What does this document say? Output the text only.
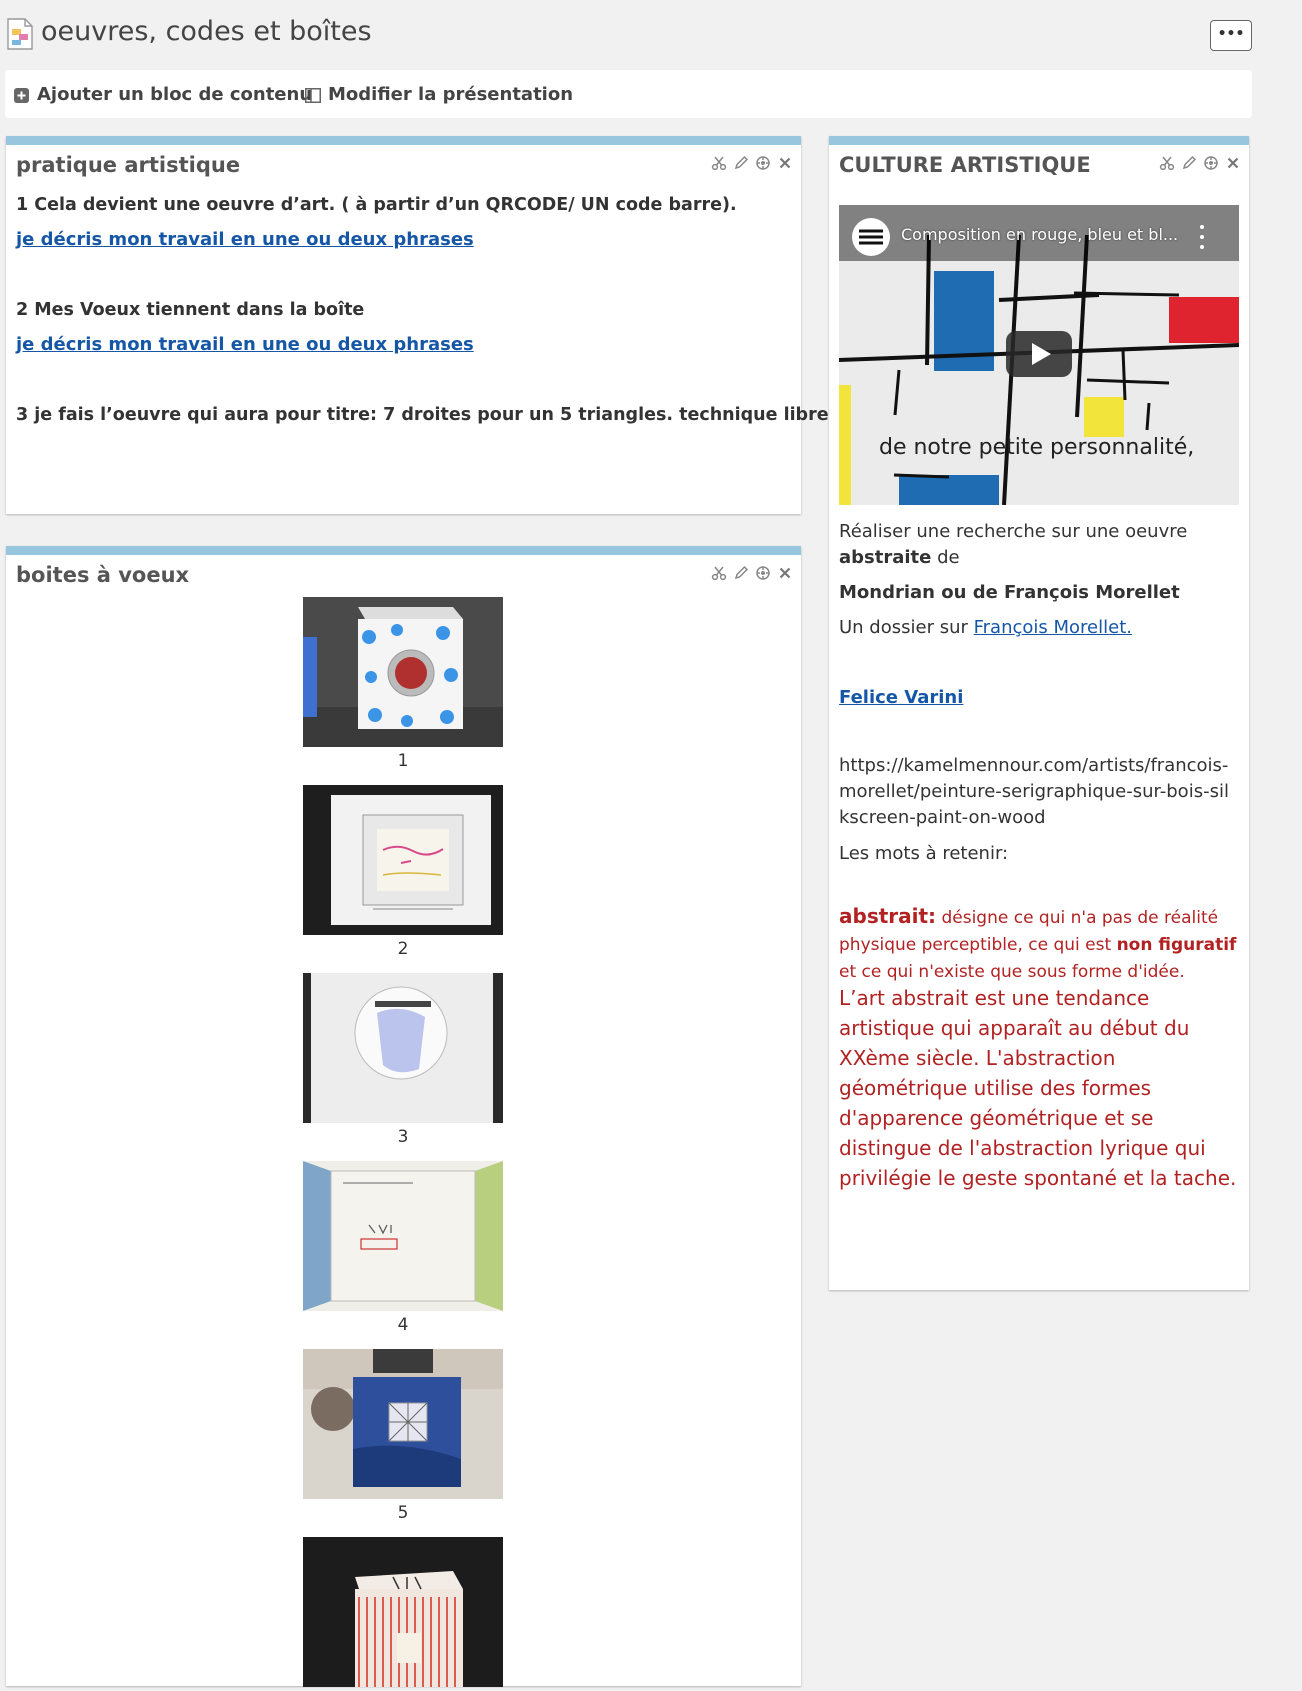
oeuvres, codes et boîtes	•••
Ajouter un bloc de contenu Modifier la présentation
pratique artistique
1 Cela devient une oeuvre d’art. ( à partir d’un QRCODE/ UN code barre).
je décris mon travail en une ou deux phrases
2 Mes Voeux tiennent dans la boîte
je décris mon travail en une ou deux phrases
3 je fais l’oeuvre qui aura pour titre: 7 droites pour un 5 triangles. technique libre
boites à voeux
1
2
3
4
5
CULTURE ARTISTIQUE
Composition en rouge, bleu et bl...
de notre petite personnalité,
Réaliser une recherche sur une oeuvre
abstraite de
Mondrian ou de François Morellet
Un dossier sur François Morellet.
Felice Varini
https://kamelmennour.com/artists/francois-morellet/peinture-serigraphique-sur-bois-silkscreen-paint-on-wood
Les mots à retenir:
abstrait: désigne ce qui n'a pas de réalité physique perceptible, ce qui est non figuratif et ce qui n'existe que sous forme d'idée.
L’art abstrait est une tendance artistique qui apparaît au début du XXème siècle. L'abstraction géométrique utilise des formes d'apparence géométrique et se distingue de l'abstraction lyrique qui privilégie le geste spontané et la tache.
